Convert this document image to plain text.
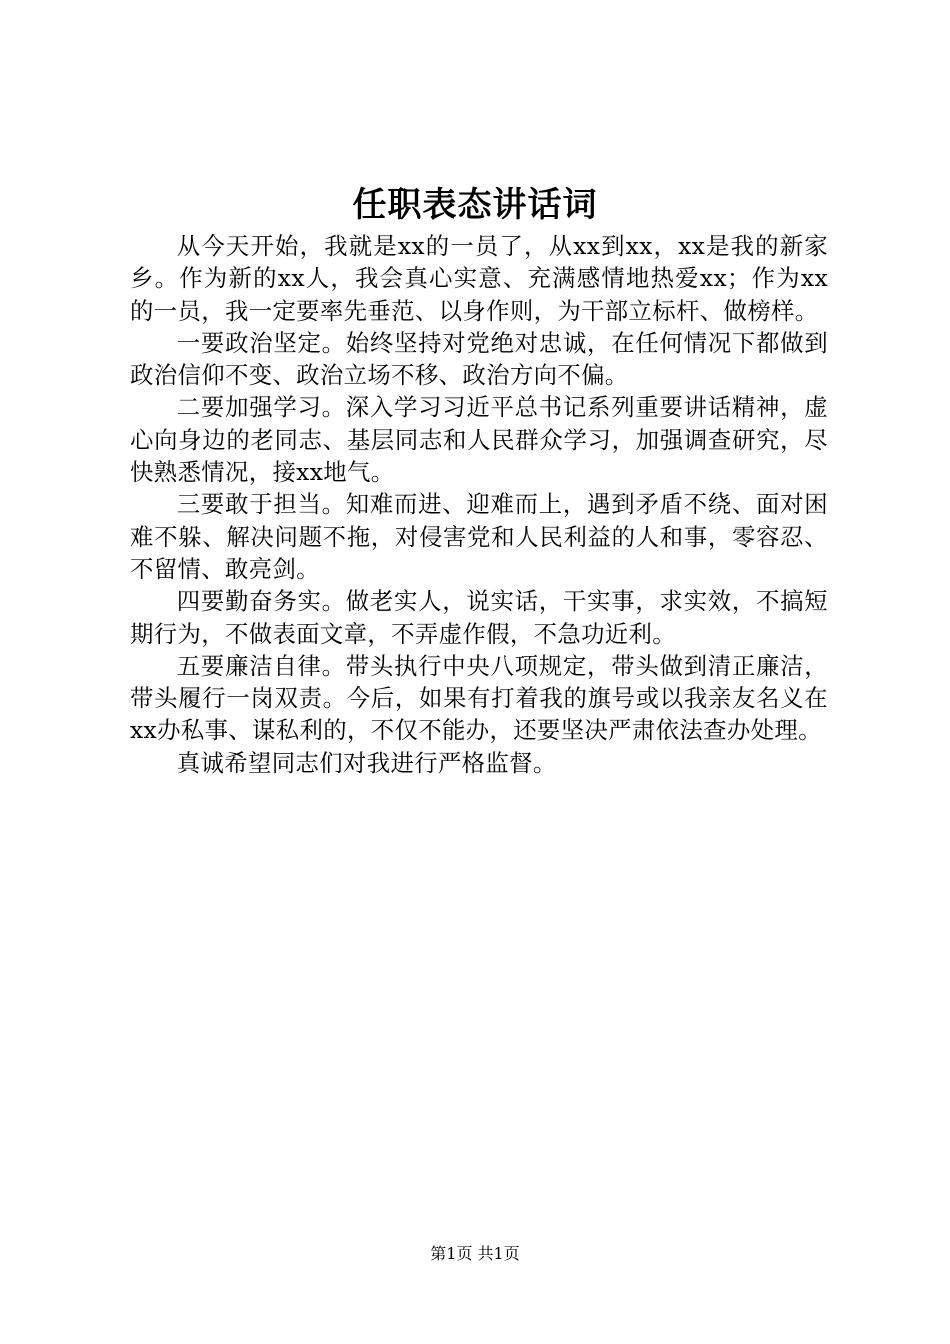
任职表态讲话词

从今天开始，我就是xx的一员了，从xx到xx，xx是我的新家乡。作为新的xx人，我会真心实意、充满感情地热爱xx；作为xx的一员，我一定要率先垂范、以身作则，为干部立标杆、做榜样。

一要政治坚定。始终坚持对党绝对忠诚，在任何情况下都做到政治信仰不变、政治立场不移、政治方向不偏。

二要加强学习。深入学习习近平总书记系列重要讲话精神，虚心向身边的老同志、基层同志和人民群众学习，加强调查研究，尽快熟悉情况，接xx地气。

三要敢于担当。知难而进、迎难而上，遇到矛盾不绕、面对困难不躲、解决问题不拖，对侵害党和人民利益的人和事，零容忍、不留情、敢亮剑。

四要勤奋务实。做老实人，说实话，干实事，求实效，不搞短期行为，不做表面文章，不弄虚作假，不急功近利。

五要廉洁自律。带头执行中央八项规定，带头做到清正廉洁，带头履行一岗双责。今后，如果有打着我的旗号或以我亲友名义在xx办私事、谋私利的，不仅不能办，还要坚决严肃依法查办处理。

真诚希望同志们对我进行严格监督。

第1页 共1页
